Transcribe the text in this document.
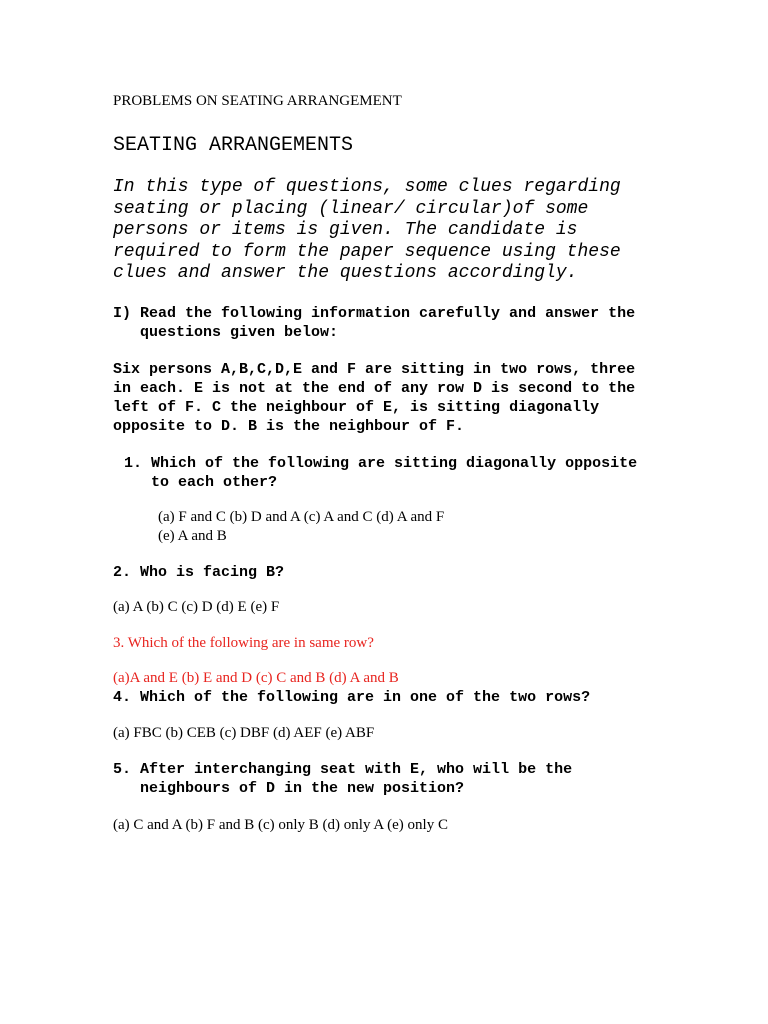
PROBLEMS ON SEATING ARRANGEMENT
SEATING ARRANGEMENTS
In this type of questions, some clues regarding
seating or placing (linear/ circular)of some
persons or items is given. The candidate is
required to form the paper sequence using these
clues and answer the questions accordingly.
I) Read the following information carefully and answer the
questions given below:
Six persons A,B,C,D,E and F are sitting in two rows, three
in each. E is not at the end of any row D is second to the
left of F. C the neighbour of E, is sitting diagonally
opposite to D. B is the neighbour of F.
1. Which of the following are sitting diagonally opposite
to each other?
(a) F and C (b) D and A (c) A and C (d) A and F
(e) A and B
2. Who is facing B?
(a) A (b) C (c) D (d) E (e) F
3. Which of the following are in same row?
(a)A and E (b) E and D (c) C and B (d) A and B
4. Which of the following are in one of the two rows?
(a) FBC (b) CEB (c) DBF (d) AEF (e) ABF
5. After interchanging seat with E, who will be the
neighbours of D in the new position?
(a) C and A (b) F and B (c) only B (d) only A (e) only C
